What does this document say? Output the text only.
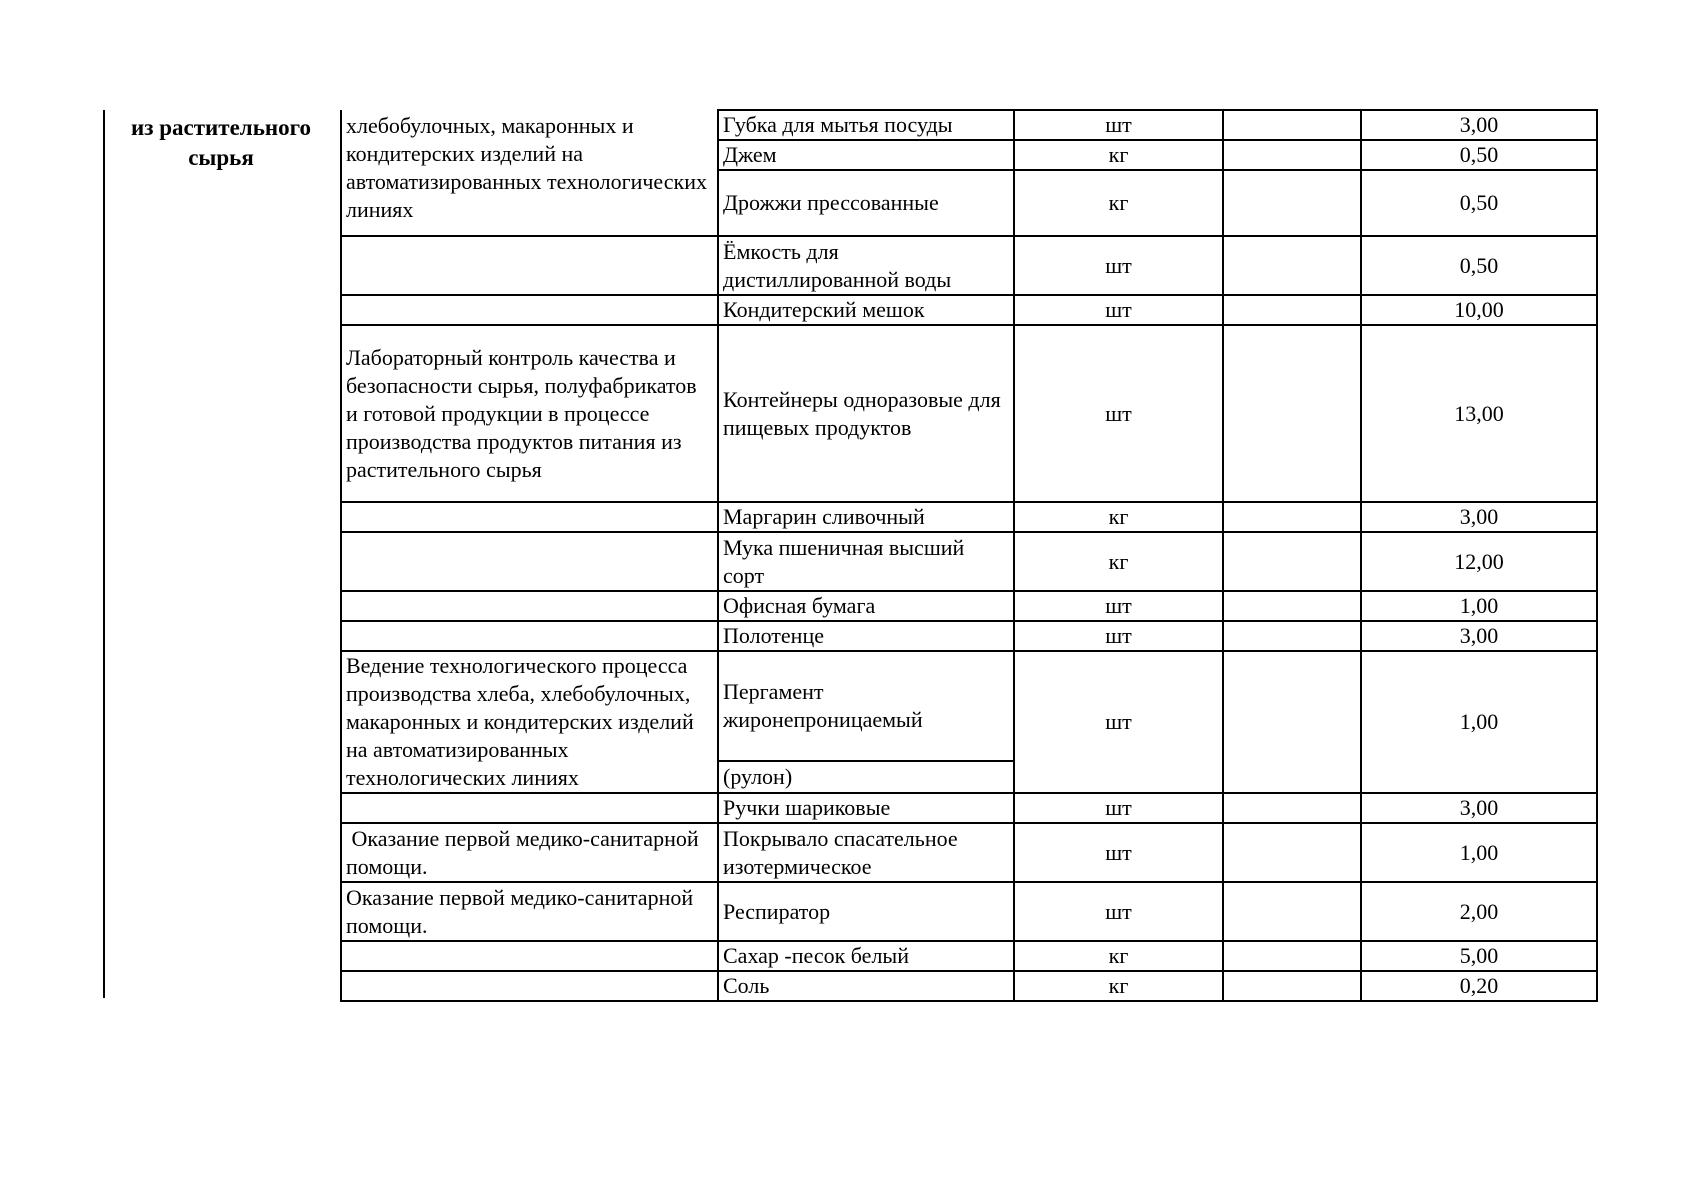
из растительного
сырья
хлебобулочных, макаронных и кондитерских изделий на автоматизированных технологических линиях	Губка для мытья посуды	шт		3,00
	Джем	кг		0,50
	Дрожжи прессованные	кг		0,50
	Ёмкость для дистиллированной воды	шт		0,50
	Кондитерский мешок	шт		10,00
Лабораторный контроль качества и безопасности сырья, полуфабрикатов и готовой продукции в процессе производства продуктов питания из растительного сырья	Контейнеры одноразовые для пищевых продуктов	шт		13,00
	Маргарин сливочный	кг		3,00
	Мука пшеничная высший сорт	кг		12,00
	Офисная бумага	шт		1,00
	Полотенце	шт		3,00
Ведение технологического процесса производства хлеба, хлебобулочных, макаронных и кондитерских изделий на автоматизированных технологических линиях	Пергамент жиронепроницаемый	шт		1,00
	(рулон)			
	Ручки шариковые	шт		3,00
Оказание первой медико-санитарной помощи.	Покрывало спасательное изотермическое	шт		1,00
Оказание первой медико-санитарной помощи.	Респиратор	шт		2,00
	Сахар -песок белый	кг		5,00
	Соль	кг		0,20
